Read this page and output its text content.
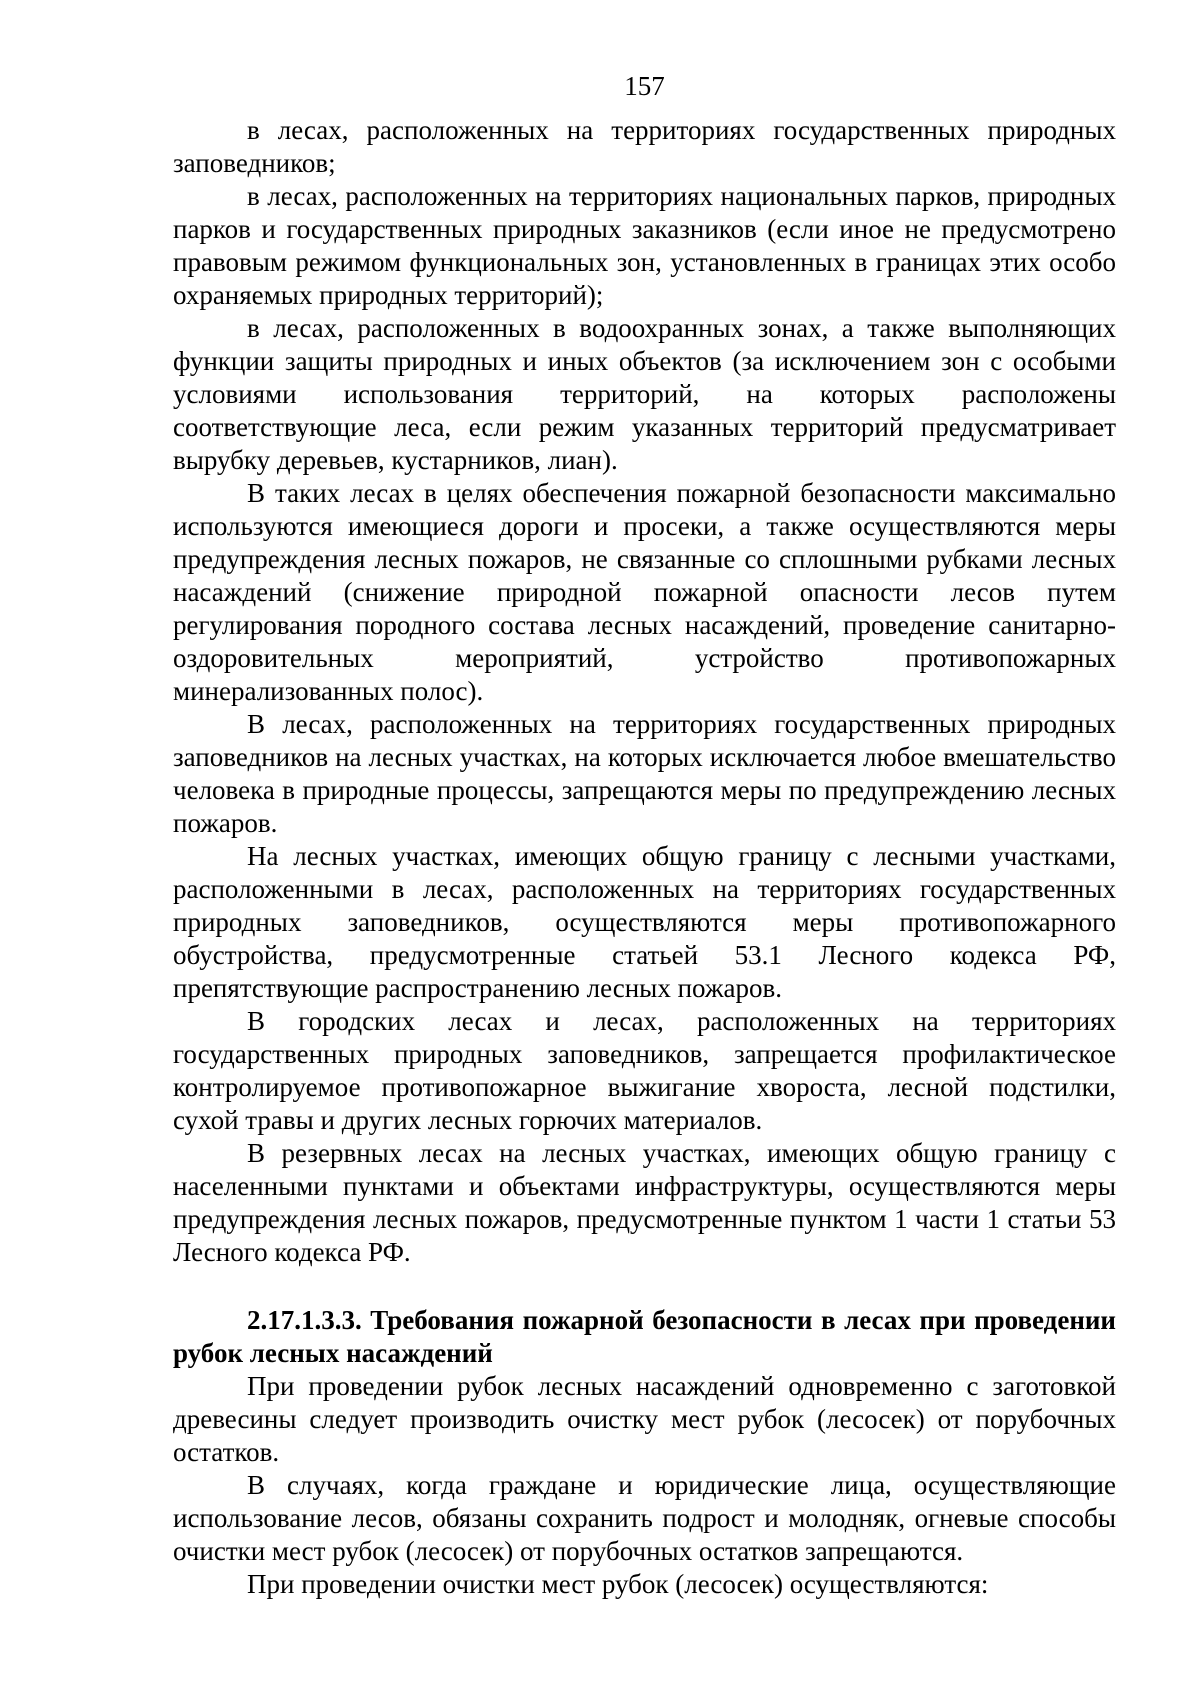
157

в лесах, расположенных на территориях государственных природных заповедников;

в лесах, расположенных на территориях национальных парков, природных парков и государственных природных заказников (если иное не предусмотрено правовым режимом функциональных зон, установленных в границах этих особо охраняемых природных территорий);

в лесах, расположенных в водоохранных зонах, а также выполняющих функции защиты природных и иных объектов (за исключением зон с особыми условиями использования территорий, на которых расположены соответствующие леса, если режим указанных территорий предусматривает вырубку деревьев, кустарников, лиан).

В таких лесах в целях обеспечения пожарной безопасности максимально используются имеющиеся дороги и просеки, а также осуществляются меры предупреждения лесных пожаров, не связанные со сплошными рубками лесных насаждений (снижение природной пожарной опасности лесов путем регулирования породного состава лесных насаждений, проведение санитарно-оздоровительных мероприятий, устройство противопожарных минерализованных полос).

В лесах, расположенных на территориях государственных природных заповедников на лесных участках, на которых исключается любое вмешательство человека в природные процессы, запрещаются меры по предупреждению лесных пожаров.

На лесных участках, имеющих общую границу с лесными участками, расположенными в лесах, расположенных на территориях государственных природных заповедников, осуществляются меры противопожарного обустройства, предусмотренные статьей 53.1 Лесного кодекса РФ, препятствующие распространению лесных пожаров.

В городских лесах и лесах, расположенных на территориях государственных природных заповедников, запрещается профилактическое контролируемое противопожарное выжигание хвороста, лесной подстилки, сухой травы и других лесных горючих материалов.

В резервных лесах на лесных участках, имеющих общую границу с населенными пунктами и объектами инфраструктуры, осуществляются меры предупреждения лесных пожаров, предусмотренные пунктом 1 части 1 статьи 53 Лесного кодекса РФ.

2.17.1.3.3. Требования пожарной безопасности в лесах при проведении рубок лесных насаждений

При проведении рубок лесных насаждений одновременно с заготовкой древесины следует производить очистку мест рубок (лесосек) от порубочных остатков.

В случаях, когда граждане и юридические лица, осуществляющие использование лесов, обязаны сохранить подрост и молодняк, огневые способы очистки мест рубок (лесосек) от порубочных остатков запрещаются.

При проведении очистки мест рубок (лесосек) осуществляются:
